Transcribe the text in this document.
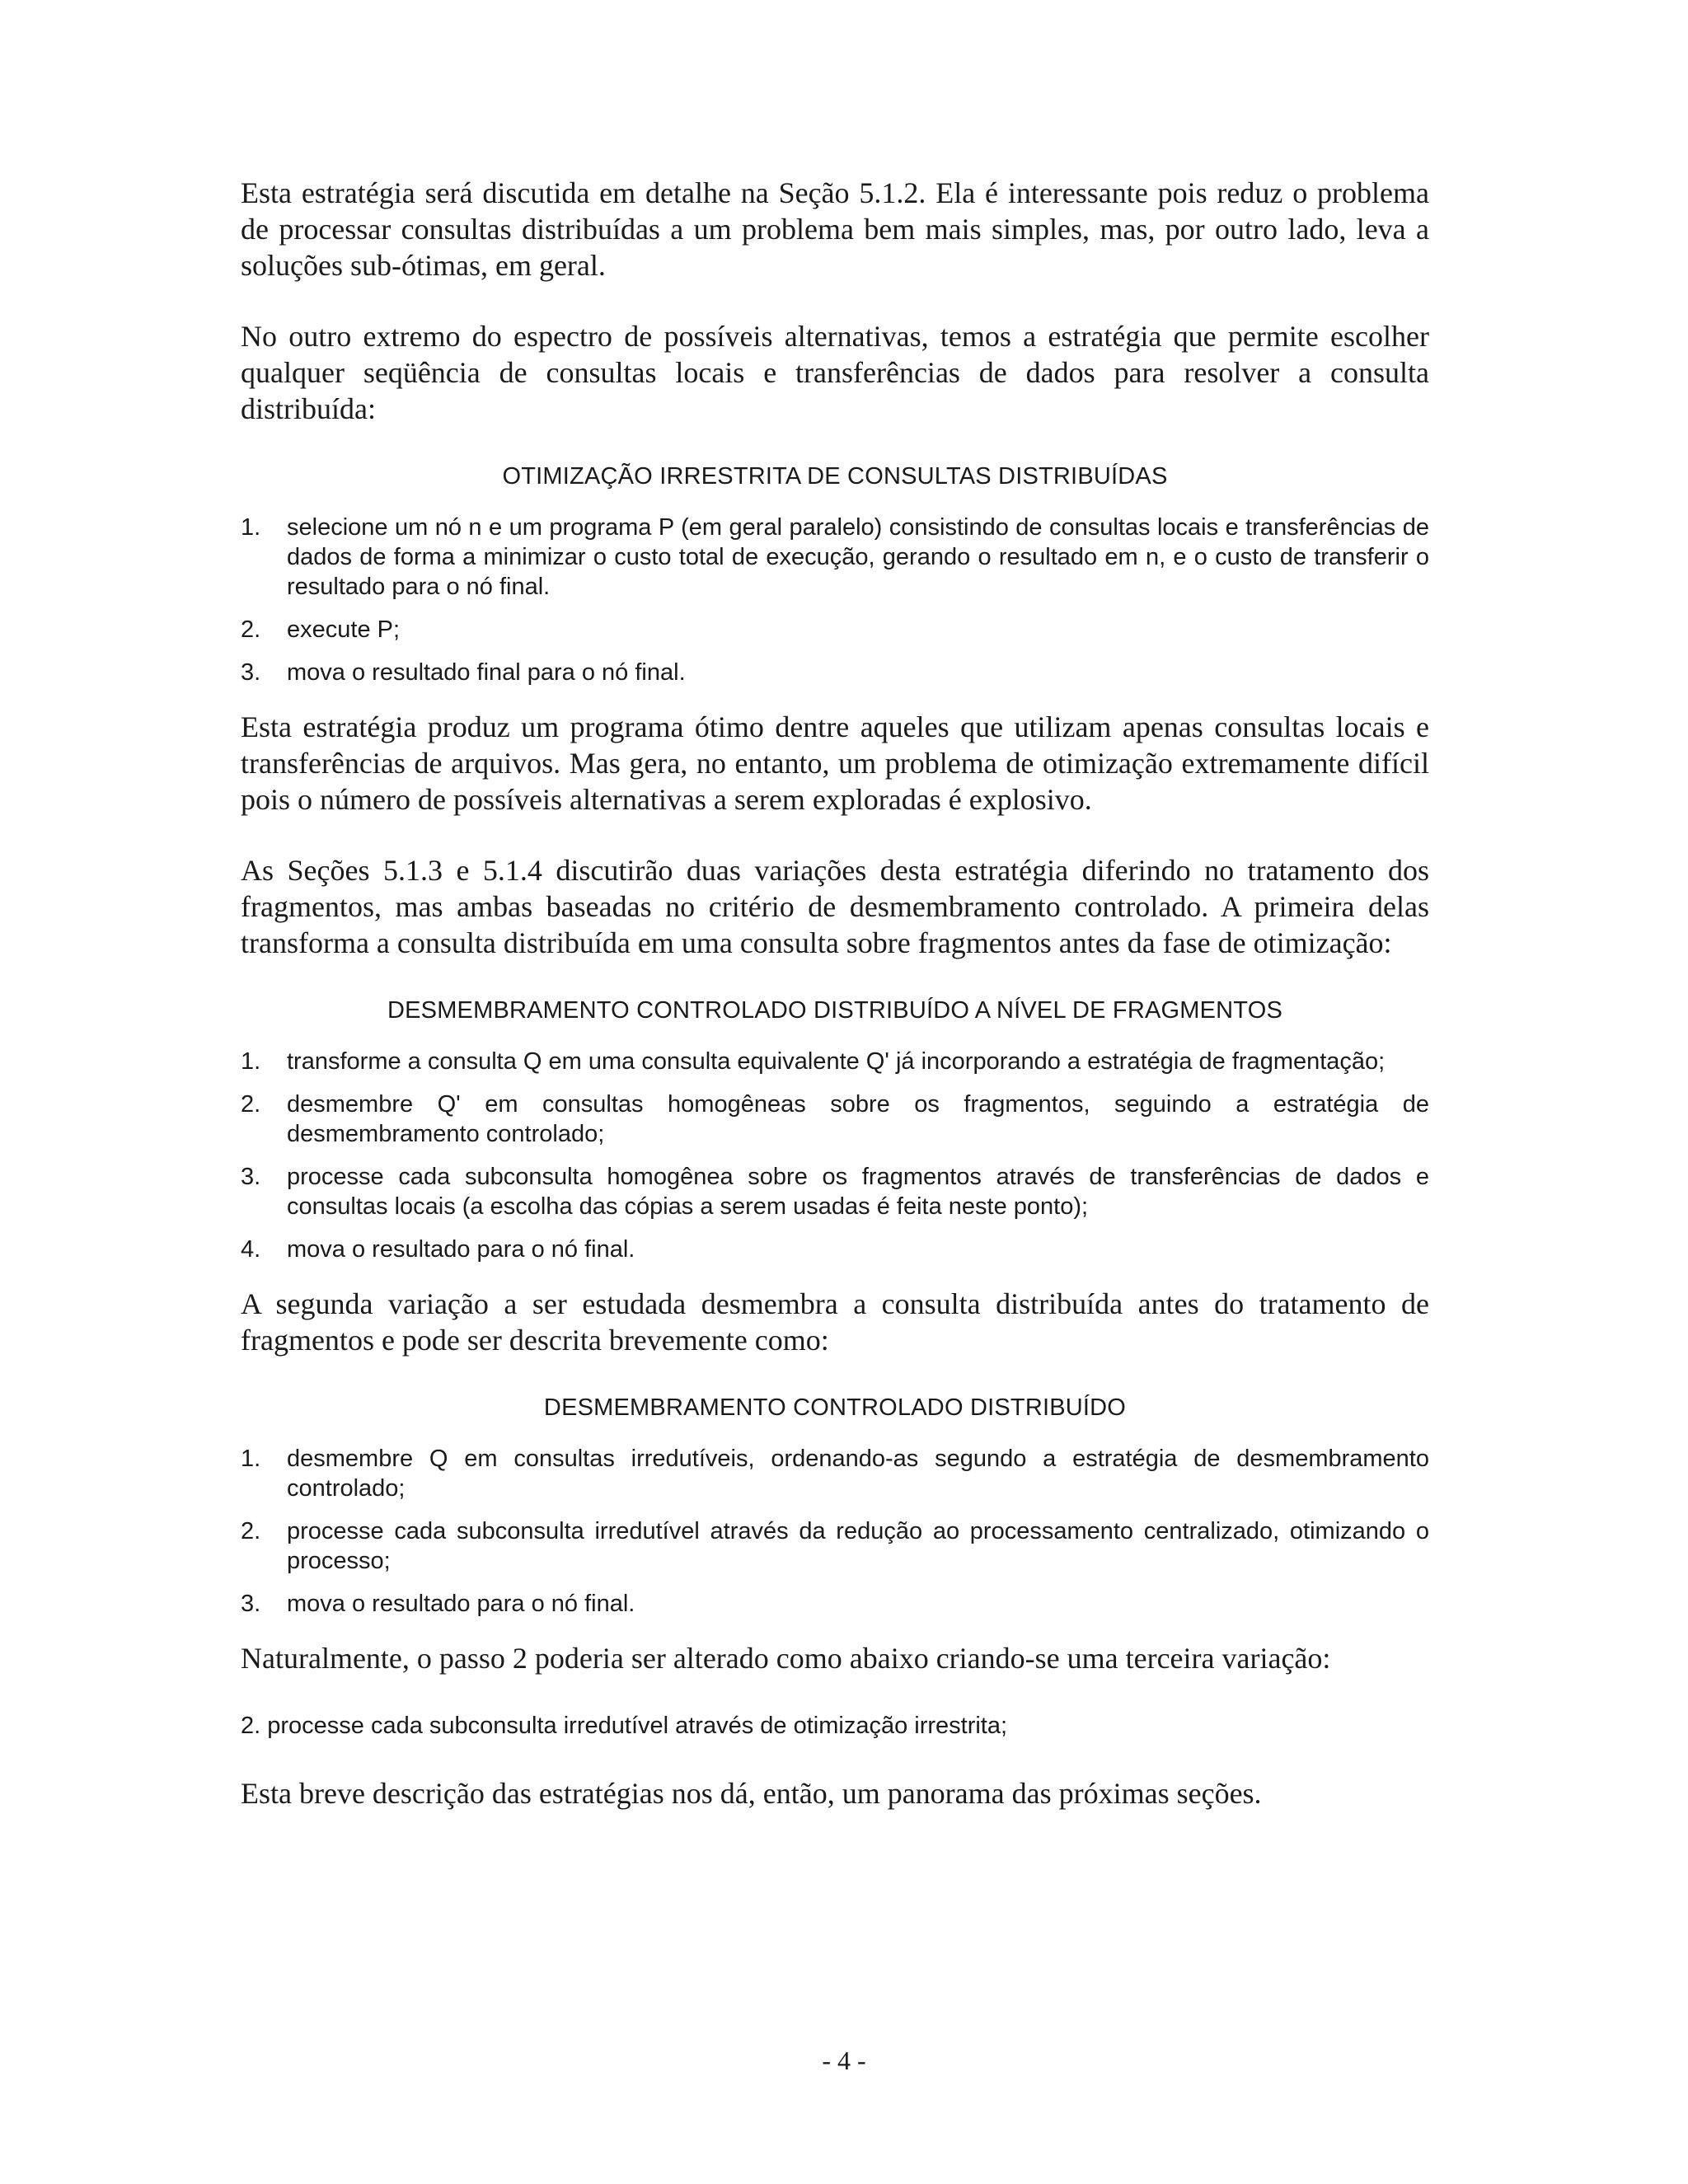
Esta estratégia será discutida em detalhe na Seção 5.1.2. Ela é interessante pois reduz o problema de processar consultas distribuídas a um problema bem mais simples, mas, por outro lado, leva a soluções sub-ótimas, em geral.

No outro extremo do espectro de possíveis alternativas, temos a estratégia que permite escolher qualquer seqüência de consultas locais e transferências de dados para resolver a consulta distribuída:

OTIMIZAÇÃO IRRESTRITA DE CONSULTAS DISTRIBUÍDAS
1. selecione um nó n e um programa P (em geral paralelo) consistindo de consultas locais e transferências de dados de forma a minimizar o custo total de execução, gerando o resultado em n, e o custo de transferir o resultado para o nó final.
2. execute P;
3. mova o resultado final para o nó final.

Esta estratégia produz um programa ótimo dentre aqueles que utilizam apenas consultas locais e transferências de arquivos. Mas gera, no entanto, um problema de otimização extremamente difícil pois o número de possíveis alternativas a serem exploradas é explosivo.

As Seções 5.1.3 e 5.1.4 discutirão duas variações desta estratégia diferindo no tratamento dos fragmentos, mas ambas baseadas no critério de desmembramento controlado. A primeira delas transforma a consulta distribuída em uma consulta sobre fragmentos antes da fase de otimização:

DESMEMBRAMENTO CONTROLADO DISTRIBUÍDO A NÍVEL DE FRAGMENTOS
1. transforme a consulta Q em uma consulta equivalente Q' já incorporando a estratégia de fragmentação;
2. desmembre Q' em consultas homogêneas sobre os fragmentos, seguindo a estratégia de desmembramento controlado;
3. processe cada subconsulta homogênea sobre os fragmentos através de transferências de dados e consultas locais (a escolha das cópias a serem usadas é feita neste ponto);
4. mova o resultado para o nó final.

A segunda variação a ser estudada desmembra a consulta distribuída antes do tratamento de fragmentos e pode ser descrita brevemente como:

DESMEMBRAMENTO CONTROLADO DISTRIBUÍDO
1. desmembre Q em consultas irredutíveis, ordenando-as segundo a estratégia de desmembramento controlado;
2. processe cada subconsulta irredutível através da redução ao processamento centralizado, otimizando o processo;
3. mova o resultado para o nó final.

Naturalmente, o passo 2 poderia ser alterado como abaixo criando-se uma terceira variação:

2. processe cada subconsulta irredutível através de otimização irrestrita;

Esta breve descrição das estratégias nos dá, então, um panorama das próximas seções.

- 4 -
